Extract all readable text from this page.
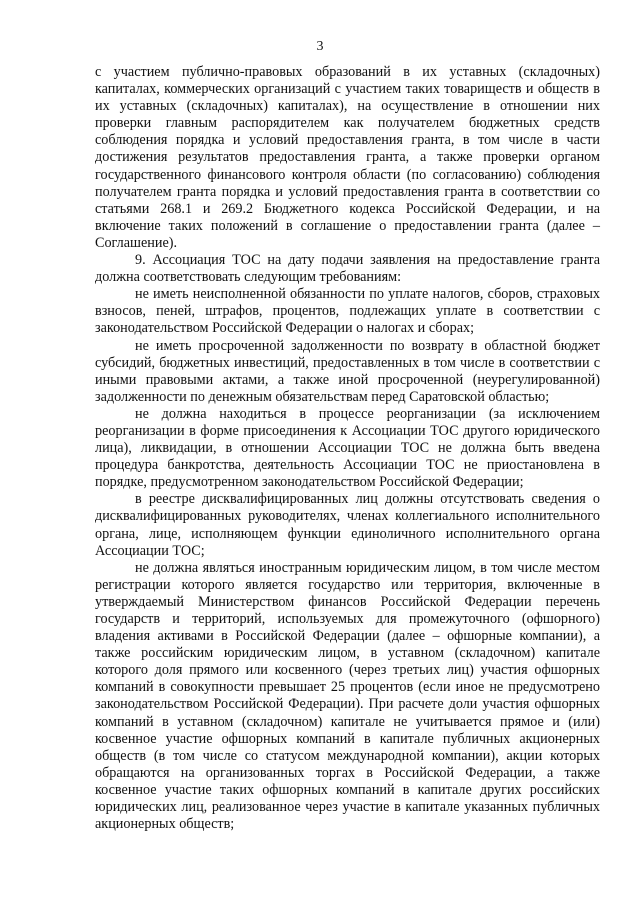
3

с участием публично-правовых образований в их уставных (складочных) капиталах, коммерческих организаций с участием таких товариществ и обществ в их уставных (складочных) капиталах), на осуществление в отношении них проверки главным распорядителем как получателем бюджетных средств соблюдения порядка и условий предоставления гранта, в том числе в части достижения результатов предоставления гранта, а также проверки органом государственного финансового контроля области (по согласованию) соблюдения получателем гранта порядка и условий предоставления гранта в соответствии со статьями 268.1 и 269.2 Бюджетного кодекса Российской Федерации, и на включение таких положений в соглашение о предоставлении гранта (далее – Соглашение).

9. Ассоциация ТОС на дату подачи заявления на предоставление гранта должна соответствовать следующим требованиям:

не иметь неисполненной обязанности по уплате налогов, сборов, страховых взносов, пеней, штрафов, процентов, подлежащих уплате в соответствии с законодательством Российской Федерации о налогах и сборах;

не иметь просроченной задолженности по возврату в областной бюджет субсидий, бюджетных инвестиций, предоставленных в том числе в соответствии с иными правовыми актами, а также иной просроченной (неурегулированной) задолженности по денежным обязательствам перед Саратовской областью;

не должна находиться в процессе реорганизации (за исключением реорганизации в форме присоединения к Ассоциации ТОС другого юридического лица), ликвидации, в отношении Ассоциации ТОС не должна быть введена процедура банкротства, деятельность Ассоциации ТОС не приостановлена в порядке, предусмотренном законодательством Российской Федерации;

в реестре дисквалифицированных лиц должны отсутствовать сведения о дисквалифицированных руководителях, членах коллегиального исполнительного органа, лице, исполняющем функции единоличного исполнительного органа Ассоциации ТОС;

не должна являться иностранным юридическим лицом, в том числе местом регистрации которого является государство или территория, включенные в утверждаемый Министерством финансов Российской Федерации перечень государств и территорий, используемых для промежуточного (офшорного) владения активами в Российской Федерации (далее – офшорные компании), а также российским юридическим лицом, в уставном (складочном) капитале которого доля прямого или косвенного (через третьих лиц) участия офшорных компаний в совокупности превышает 25 процентов (если иное не предусмотрено законодательством Российской Федерации). При расчете доли участия офшорных компаний в уставном (складочном) капитале не учитывается прямое и (или) косвенное участие офшорных компаний в капитале публичных акционерных обществ (в том числе со статусом международной компании), акции которых обращаются на организованных торгах в Российской Федерации, а также косвенное участие таких офшорных компаний в капитале других российских юридических лиц, реализованное через участие в капитале указанных публичных акционерных обществ;
